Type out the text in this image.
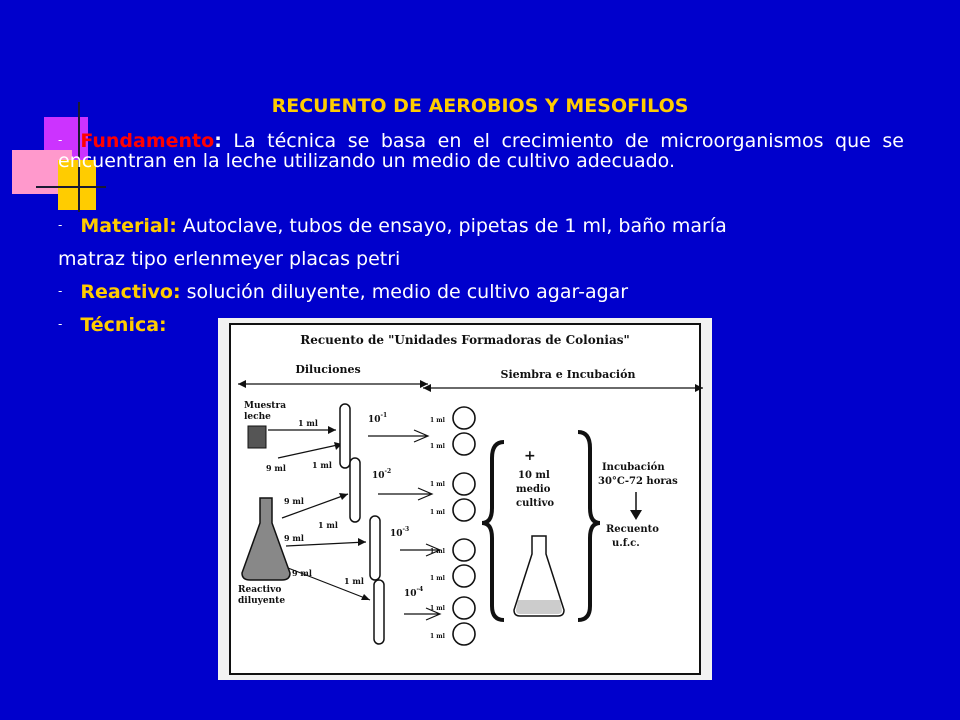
RECUENTO DE AEROBIOS Y MESOFILOS
- Fundamento: La técnica se basa en el crecimiento de microorganismos que se encuentran en la leche utilizando un medio de cultivo adecuado.
- Material: Autoclave, tubos de ensayo, pipetas de 1 ml, baño maría
matraz tipo erlenmeyer placas petri
- Reactivo: solución diluyente, medio de cultivo agar-agar
- Técnica:
Recuento de "Unidades Formadoras de Colonias"
Diluciones	Siembra e Incubación
Muestra
leche
1 ml
Reactivo
diluyente
9 ml
9 ml
9 ml
9 ml
1 ml
1 ml
1 ml
$10^{-1}$
$10^{-2}$
$10^{-3}$
$10^{-4}$
1 ml
1 ml
1 ml
1 ml
1 ml
1 ml
1 ml
1 ml
+
10 ml
medio
cultivo
Incubación
30°C-72 horas
Recuento
u.f.c.
